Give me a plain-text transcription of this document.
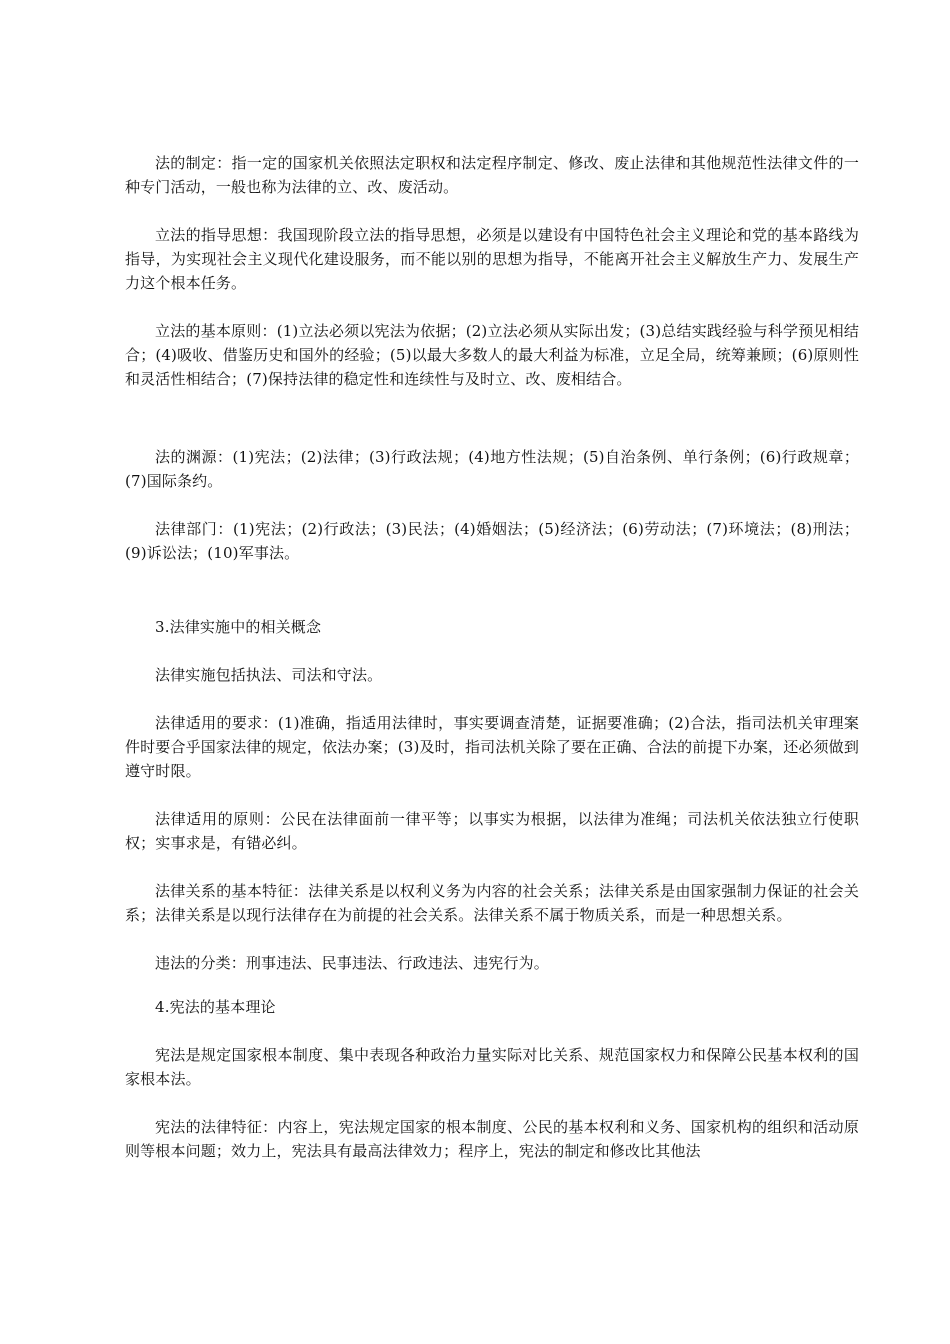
法的制定：指一定的国家机关依照法定职权和法定程序制定、修改、废止法律和其他规范性法律文件的一种专门活动，一般也称为法律的立、改、废活动。

立法的指导思想：我国现阶段立法的指导思想，必须是以建设有中国特色社会主义理论和党的基本路线为指导，为实现社会主义现代化建设服务，而不能以别的思想为指导，不能离开社会主义解放生产力、发展生产力这个根本任务。

立法的基本原则：(1)立法必须以宪法为依据；(2)立法必须从实际出发；(3)总结实践经验与科学预见相结合；(4)吸收、借鉴历史和国外的经验；(5)以最大多数人的最大利益为标准，立足全局，统筹兼顾；(6)原则性和灵活性相结合；(7)保持法律的稳定性和连续性与及时立、改、废相结合。

法的渊源：(1)宪法；(2)法律；(3)行政法规；(4)地方性法规；(5)自治条例、单行条例；(6)行政规章；(7)国际条约。

法律部门：(1)宪法；(2)行政法；(3)民法；(4)婚姻法；(5)经济法；(6)劳动法；(7)环境法；(8)刑法；(9)诉讼法；(10)军事法。

3.法律实施中的相关概念

法律实施包括执法、司法和守法。

法律适用的要求：(1)准确，指适用法律时，事实要调查清楚，证据要准确；(2)合法，指司法机关审理案件时要合乎国家法律的规定，依法办案；(3)及时，指司法机关除了要在正确、合法的前提下办案，还必须做到遵守时限。

法律适用的原则：公民在法律面前一律平等；以事实为根据，以法律为准绳；司法机关依法独立行使职权；实事求是，有错必纠。

法律关系的基本特征：法律关系是以权利义务为内容的社会关系；法律关系是由国家强制力保证的社会关系；法律关系是以现行法律存在为前提的社会关系。法律关系不属于物质关系，而是一种思想关系。

违法的分类：刑事违法、民事违法、行政违法、违宪行为。

4.宪法的基本理论

宪法是规定国家根本制度、集中表现各种政治力量实际对比关系、规范国家权力和保障公民基本权利的国家根本法。

宪法的法律特征：内容上，宪法规定国家的根本制度、公民的基本权利和义务、国家机构的组织和活动原则等根本问题；效力上，宪法具有最高法律效力；程序上，宪法的制定和修改比其他法
